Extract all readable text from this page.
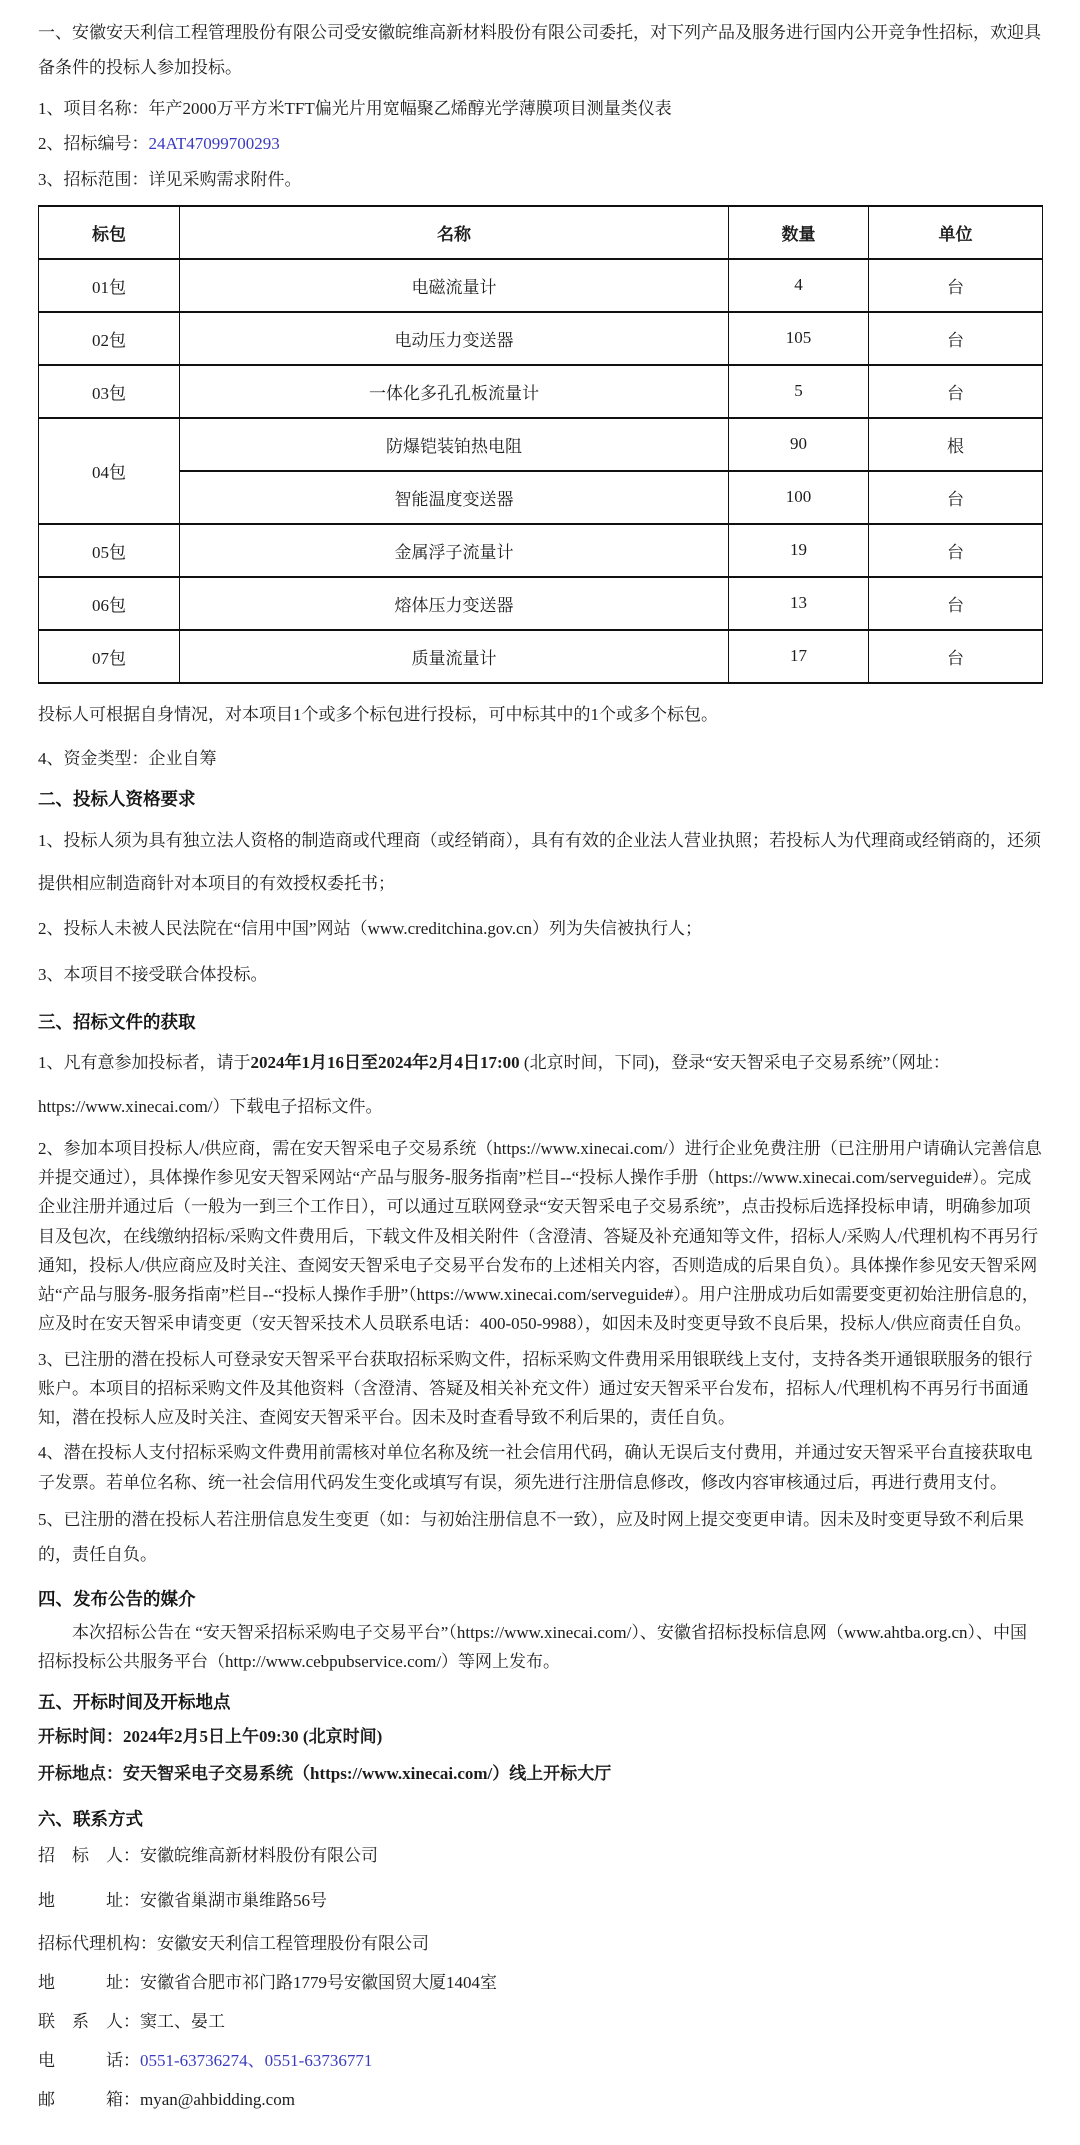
一、安徽安天利信工程管理股份有限公司受安徽皖维高新材料股份有限公司委托，对下列产品及服务进行国内公开竞争性招标，欢迎具备条件的投标人参加投标。

1、项目名称：年产2000万平方米TFT偏光片用宽幅聚乙烯醇光学薄膜项目测量类仪表

2、招标编号：24AT47099700293

3、招标范围：详见采购需求附件。

标包	名称	数量	单位
01包	电磁流量计	4	台
02包	电动压力变送器	105	台
03包	一体化多孔孔板流量计	5	台
04包	防爆铠装铂热电阻	90	根
	智能温度变送器	100	台
05包	金属浮子流量计	19	台
06包	熔体压力变送器	13	台
07包	质量流量计	17	台

投标人可根据自身情况，对本项目1个或多个标包进行投标，可中标其中的1个或多个标包。

4、资金类型：企业自筹

二、投标人资格要求

1、投标人须为具有独立法人资格的制造商或代理商（或经销商），具有有效的企业法人营业执照；若投标人为代理商或经销商的，还须提供相应制造商针对本项目的有效授权委托书；

2、投标人未被人民法院在“信用中国”网站（www.creditchina.gov.cn）列为失信被执行人；

3、本项目不接受联合体投标。

三、招标文件的获取

1、凡有意参加投标者，请于2024年1月16日至2024年2月4日17:00 (北京时间，下同)，登录“安天智采电子交易系统”（网址：https://www.xinecai.com/）下载电子招标文件。

2、参加本项目投标人/供应商，需在安天智采电子交易系统（https://www.xinecai.com/）进行企业免费注册（已注册用户请确认完善信息并提交通过），具体操作参见安天智采网站“产品与服务-服务指南”栏目--“投标人操作手册（https://www.xinecai.com/serveguide#）。完成企业注册并通过后（一般为一到三个工作日），可以通过互联网登录“安天智采电子交易系统”，点击投标后选择投标申请，明确参加项目及包次，在线缴纳招标/采购文件费用后，下载文件及相关附件（含澄清、答疑及补充通知等文件，招标人/采购人/代理机构不再另行通知，投标人/供应商应及时关注、查阅安天智采电子交易平台发布的上述相关内容，否则造成的后果自负）。具体操作参见安天智采网站“产品与服务-服务指南”栏目--“投标人操作手册”（https://www.xinecai.com/serveguide#）。用户注册成功后如需要变更初始注册信息的，应及时在安天智采申请变更（安天智采技术人员联系电话：400-050-9988），如因未及时变更导致不良后果，投标人/供应商责任自负。

3、已注册的潜在投标人可登录安天智采平台获取招标采购文件，招标采购文件费用采用银联线上支付，支持各类开通银联服务的银行账户。本项目的招标采购文件及其他资料（含澄清、答疑及相关补充文件）通过安天智采平台发布，招标人/代理机构不再另行书面通知，潜在投标人应及时关注、查阅安天智采平台。因未及时查看导致不利后果的，责任自负。

4、潜在投标人支付招标采购文件费用前需核对单位名称及统一社会信用代码，确认无误后支付费用，并通过安天智采平台直接获取电子发票。若单位名称、统一社会信用代码发生变化或填写有误，须先进行注册信息修改，修改内容审核通过后，再进行费用支付。

5、已注册的潜在投标人若注册信息发生变更（如：与初始注册信息不一致），应及时网上提交变更申请。因未及时变更导致不利后果的，责任自负。

四、发布公告的媒介

本次招标公告在 “安天智采招标采购电子交易平台”（https://www.xinecai.com/）、安徽省招标投标信息网（www.ahtba.org.cn）、中国招标投标公共服务平台（http://www.cebpubservice.com/）等网上发布。

五、开标时间及开标地点

开标时间：2024年2月5日上午09:30 (北京时间)

开标地点：安天智采电子交易系统（https://www.xinecai.com/）线上开标大厅

六、联系方式

招　标　人：安徽皖维高新材料股份有限公司

地　　　址：安徽省巢湖市巢维路56号

招标代理机构：安徽安天利信工程管理股份有限公司

地　　　址：安徽省合肥市祁门路1779号安徽国贸大厦1404室

联　系　人：窦工、晏工

电　　　话：0551-63736274、0551-63736771

邮　　　箱：myan@ahbidding.com
